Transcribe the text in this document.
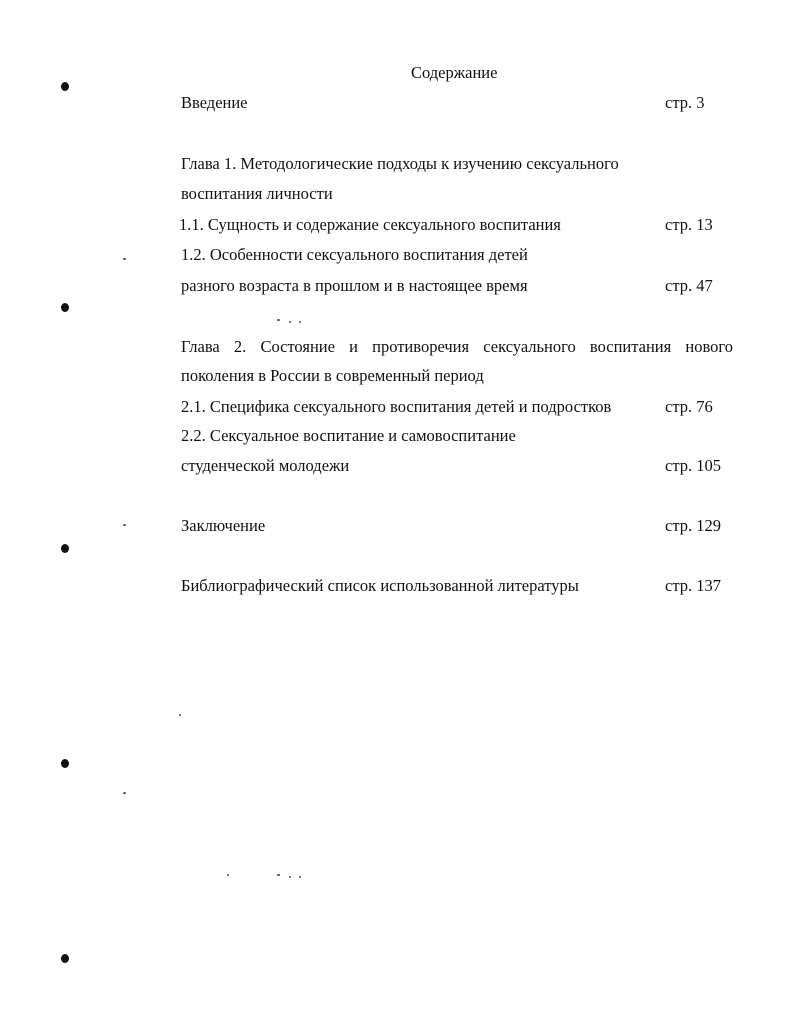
Содержание
Введение	стр. 3
Глава 1. Методологические подходы к изучению сексуального
воспитания личности
1.1. Сущность и содержание сексуального воспитания	стр. 13
1.2. Особенности сексуального воспитания детей
разного возраста в прошлом и в настоящее время	стр. 47
Глава 2. Состояние и противоречия сексуального воспитания нового
поколения в России в современный период
2.1. Специфика сексуального воспитания детей и подростков	стр. 76
2.2. Сексуальное воспитание и самовоспитание
студенческой молодежи	стр. 105
Заключение	стр. 129
Библиографический список использованной литературы	стр. 137
